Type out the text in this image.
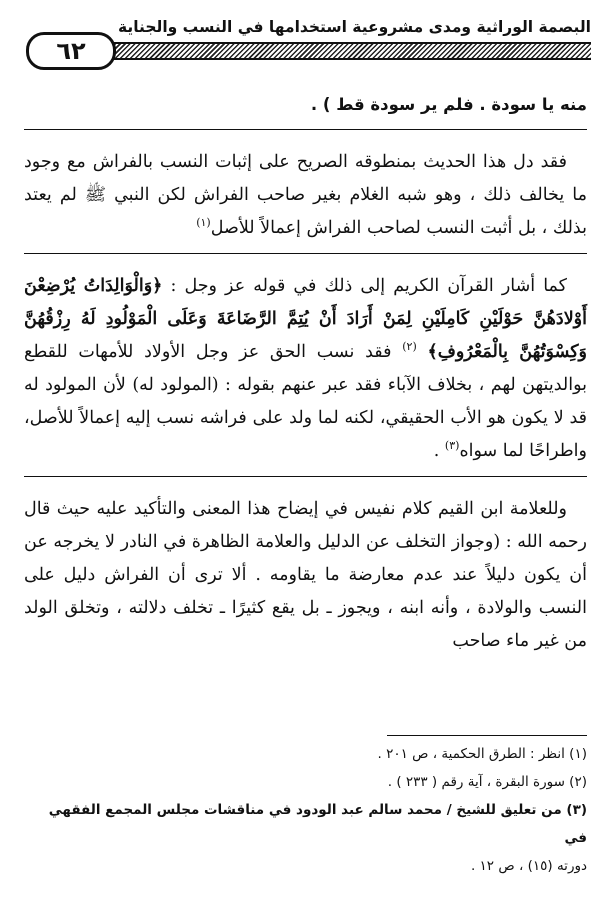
٦٢
البصمة الوراثية ومدى مشروعية استخدامها في النسب والجناية

منه يا سودة . فلم ير سودة قط ) .

فقد دل هذا الحديث بمنطوقه الصريح على إثبات النسب بالفراش مع وجود ما يخالف ذلك ، وهو شبه الغلام بغير صاحب الفراش لكن النبي ﷺ لم يعتد بذلك ، بل أثبت النسب لصاحب الفراش إعمالاً للأصل$^{(١)}$

كما أشار القرآن الكريم إلى ذلك في قوله عز وجل : ﴿وَالْوَالِدَاتُ يُرْضِعْنَ أَوْلادَهُنَّ حَوْلَيْنِ كَامِلَيْنِ لِمَنْ أَرَادَ أَنْ يُتِمَّ الرَّضَاعَةَ وَعَلَى الْمَوْلُودِ لَهُ رِزْقُهُنَّ وَكِسْوَتُهُنَّ بِالْمَعْرُوفِ﴾ $^{(٢)}$ فقد نسب الحق عز وجل الأولاد للأمهات للقطع بوالديتهن لهم ، بخلاف الآباء فقد عبر عنهم بقوله : (المولود له) لأن المولود له قد لا يكون هو الأب الحقيقي، لكنه لما ولد على فراشه نسب إليه إعمالاً للأصل، واطراحًا لما سواه$^{(٣)}$ .

وللعلامة ابن القيم كلام نفيس في إيضاح هذا المعنى والتأكيد عليه حيث قال رحمه الله : (وجواز التخلف عن الدليل والعلامة الظاهرة في النادر لا يخرجه عن أن يكون دليلاً عند عدم معارضة ما يقاومه . ألا ترى أن الفراش دليل على النسب والولادة ، وأنه ابنه ، ويجوز ـ بل يقع كثيرًا ـ تخلف دلالته ، وتخلق الولد من غير ماء صاحب

(١) انظر : الطرق الحكمية ، ص ٢٠١ .
(٢) سورة البقرة ، آية رقم ( ٢٣٣ ) .
(٣) من تعليق للشيخ / محمد سالم عبد الودود في مناقشات مجلس المجمع الفقهي في
دورته (١٥) ، ص ١٢ .
